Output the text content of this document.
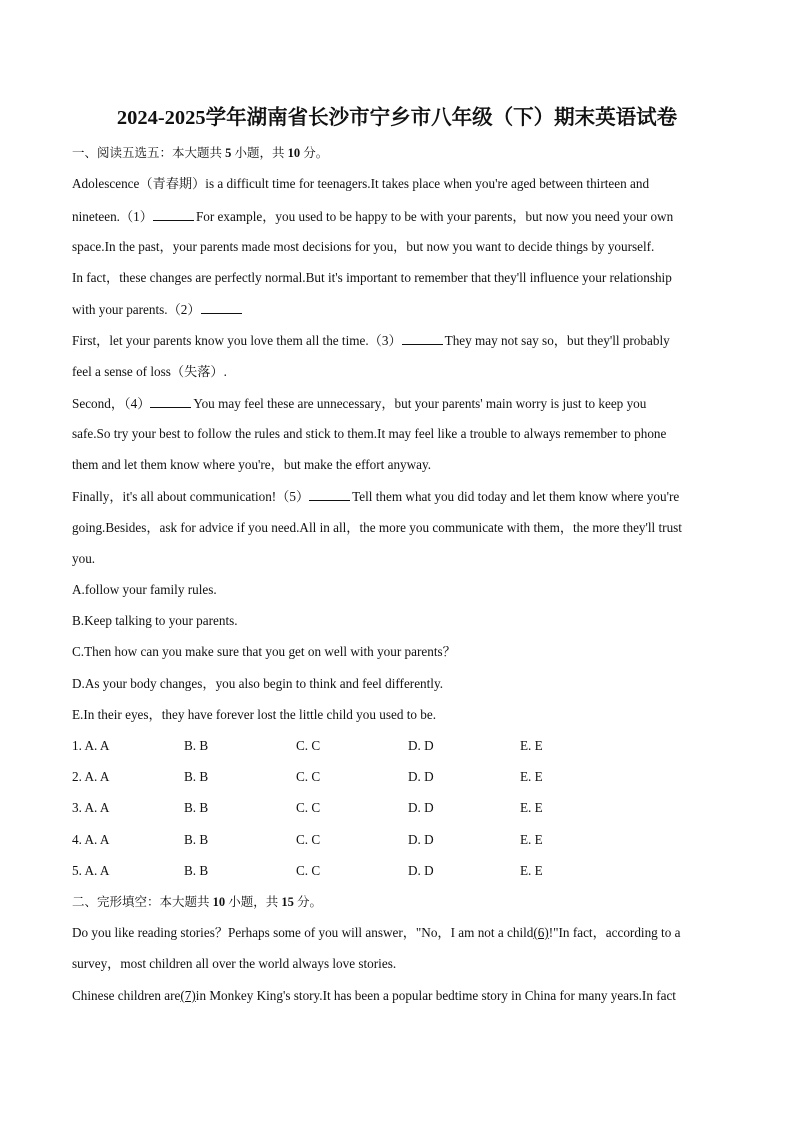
2024-2025学年湖南省长沙市宁乡市八年级（下）期末英语试卷
一、阅读五选五：本大题共 5 小题，共 10 分。
Adolescence（青春期）is a difficult time for teenagers.It takes place when you're aged between thirteen and
nineteen.（1）	For example，you used to be happy to be with your parents，but now you need your own
space.In the past，your parents made most decisions for you，but now you want to decide things by yourself.
In fact，these changes are perfectly normal.But it's important to remember that they'll influence your relationship
with your parents.（2）
First，let your parents know you love them all the time.（3）	They may not say so，but they'll probably
feel a sense of loss（失落）.
Second，（4）	You may feel these are unnecessary，but your parents' main worry is just to keep you
safe.So try your best to follow the rules and stick to them.It may feel like a trouble to always remember to phone
them and let them know where you're，but make the effort anyway.
Finally，it's all about communication!（5）	Tell them what you did today and let them know where you're
going.Besides，ask for advice if you need.All in all，the more you communicate with them，the more they'll trust
you.
A.follow your family rules.
B.Keep talking to your parents.
C.Then how can you make sure that you get on well with your parents？
D.As your body changes，you also begin to think and feel differently.
E.In their eyes，they have forever lost the little child you used to be.
1. A. A	B. B	C. C	D. D	E. E
2. A. A	B. B	C. C	D. D	E. E
3. A. A	B. B	C. C	D. D	E. E
4. A. A	B. B	C. C	D. D	E. E
5. A. A	B. B	C. C	D. D	E. E
二、完形填空：本大题共 10 小题，共 15 分。
Do you like reading stories？Perhaps some of you will answer，"No，I am not a child(6)!"In fact，according to a
survey，most children all over the world always love stories.
Chinese children are(7)in Monkey King's story.It has been a popular bedtime story in China for many years.In fact
